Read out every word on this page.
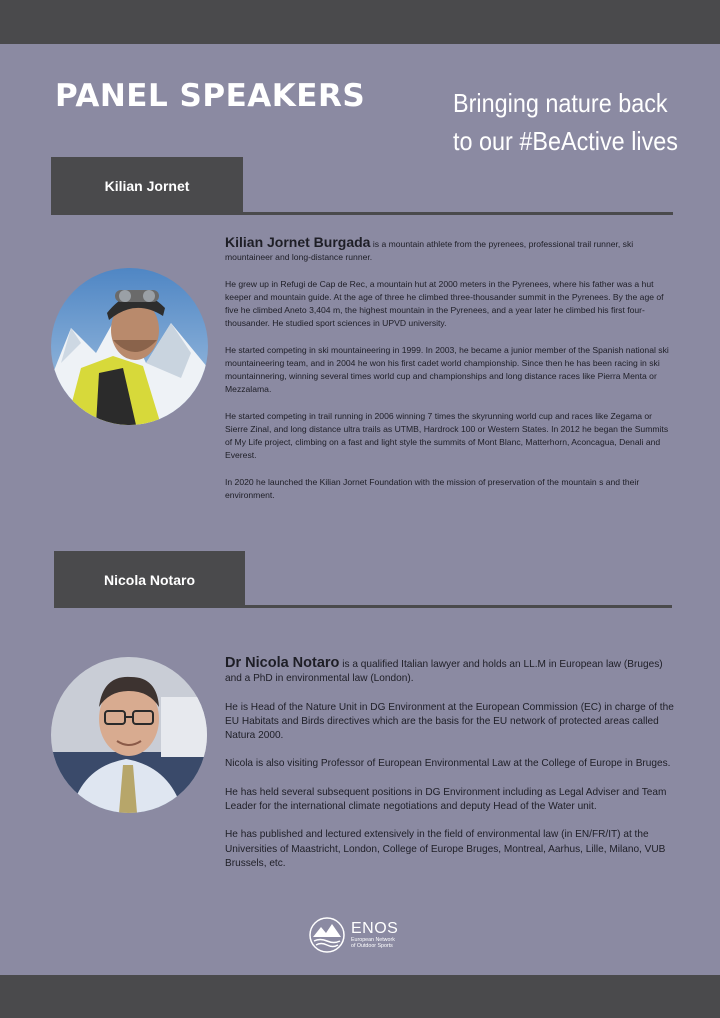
PANEL SPEAKERS	Bringing nature back
to our #BeActive lives
Kilian Jornet

Kilian Jornet Burgada is a mountain athlete from the pyrenees, professional trail runner, ski mountaineer and long-distance runner.

He grew up in Refugi de Cap de Rec, a mountain hut at 2000 meters in the Pyrenees, where his father was a hut keeper and mountain guide. At the age of three he climbed three-thousander summit in the Pyrenees. By the age of five he climbed Aneto 3,404 m, the highest mountain in the Pyrenees, and a year later he climbed his first four-thousander. He studied sport sciences in UPVD university.

He started competing in ski mountaineering in 1999. In 2003, he became a junior member of the Spanish national ski mountaineering team, and in 2004 he won his first cadet world championship. Since then he has been racing in ski mountainnering, winning several times world cup and championships and long distance races like Pierra Menta or Mezzalama.

He started competing in trail running in 2006 winning 7 times the skyrunning world cup and races like Zegama or Sierre Zinal, and long distance ultra trails as UTMB, Hardrock 100 or Western States. In 2012 he began the Summits of My Life project, climbing on a fast and light style the summits of Mont Blanc, Matterhorn, Aconcagua, Denali and Everest.

In 2020 he launched the Kilian Jornet Foundation with the mission of preservation of the mountain s and their environment.

Nicola Notaro

Dr Nicola Notaro is a qualified Italian lawyer and holds an LL.M in European law (Bruges) and a PhD in environmental law (London).

He is Head of the Nature Unit in DG Environment at the European Commission (EC) in charge of the EU Habitats and Birds directives which are the basis for the EU network of protected areas called Natura 2000.

Nicola is also visiting Professor of European Environmental Law at the College of Europe in Bruges.

He has held several subsequent positions in DG Environment including as Legal Adviser and Team Leader for the international climate negotiations and deputy Head of the Water unit.

He has published and lectured extensively in the field of environmental law (in EN/FR/IT) at the Universities of Maastricht, London, College of Europe Bruges, Montreal, Aarhus, Lille, Milano, VUB Brussels, etc.

ENOS
European Network
of Outdoor Sports
